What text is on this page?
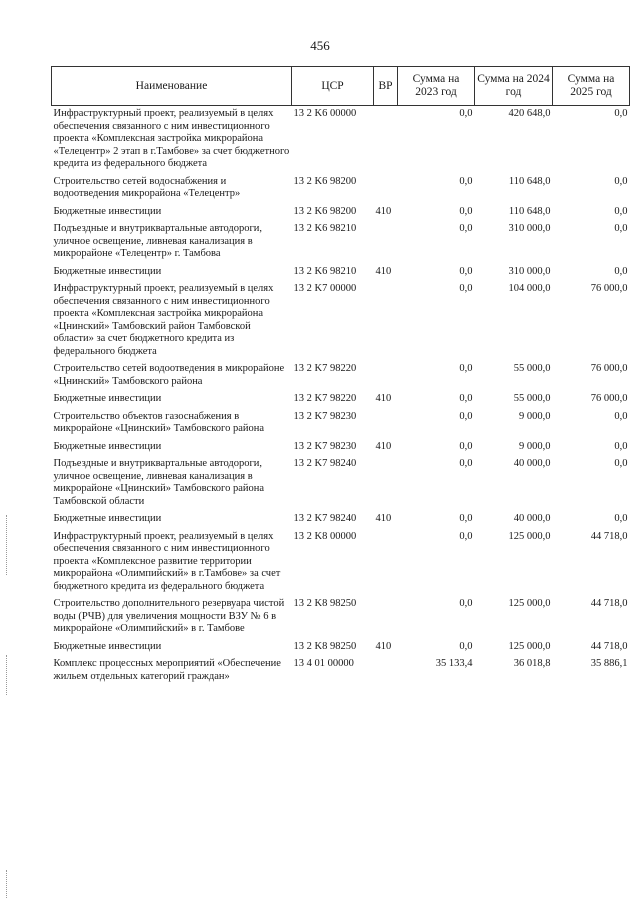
456
Наименование	ЦСР	ВР	Сумма на 2023 год	Сумма на 2024 год	Сумма на 2025 год
Инфраструктурный проект, реализуемый в целях обеспечения связанного с ним инвестиционного проекта «Комплексная застройка микрорайона «Телецентр» 2 этап в г.Тамбове» за счет бюджетного кредита из федерального бюджета	13 2 K6 00000		0,0	420 648,0	0,0
Строительство сетей водоснабжения и водоотведения микрорайона «Телецентр»	13 2 K6 98200		0,0	110 648,0	0,0
Бюджетные инвестиции	13 2 K6 98200	410	0,0	110 648,0	0,0
Подъездные и внутриквартальные автодороги, уличное освещение, ливневая канализация в микрорайоне «Телецентр» г. Тамбова	13 2 K6 98210		0,0	310 000,0	0,0
Бюджетные инвестиции	13 2 K6 98210	410	0,0	310 000,0	0,0
Инфраструктурный проект, реализуемый в целях обеспечения связанного с ним инвестиционного проекта «Комплексная застройка микрорайона «Цнинский» Тамбовский район Тамбовской области» за счет бюджетного кредита из федерального бюджета	13 2 K7 00000		0,0	104 000,0	76 000,0
Строительство сетей водоотведения в микрорайоне «Цнинский» Тамбовского района	13 2 K7 98220		0,0	55 000,0	76 000,0
Бюджетные инвестиции	13 2 K7 98220	410	0,0	55 000,0	76 000,0
Строительство объектов газоснабжения в микрорайоне «Цнинский» Тамбовского района	13 2 K7 98230		0,0	9 000,0	0,0
Бюджетные инвестиции	13 2 K7 98230	410	0,0	9 000,0	0,0
Подъездные и внутриквартальные автодороги, уличное освещение, ливневая канализация в микрорайоне «Цнинский» Тамбовского района Тамбовской области	13 2 K7 98240		0,0	40 000,0	0,0
Бюджетные инвестиции	13 2 K7 98240	410	0,0	40 000,0	0,0
Инфраструктурный проект, реализуемый в целях обеспечения связанного с ним инвестиционного проекта «Комплексное развитие территории микрорайона «Олимпийский» в г.Тамбове» за счет бюджетного кредита из федерального бюджета	13 2 K8 00000		0,0	125 000,0	44 718,0
Строительство дополнительного резервуара чистой воды (РЧВ) для увеличения мощности ВЗУ № 6 в микрорайоне «Олимпийский» в г. Тамбове	13 2 K8 98250		0,0	125 000,0	44 718,0
Бюджетные инвестиции	13 2 K8 98250	410	0,0	125 000,0	44 718,0
Комплекс процессных мероприятий «Обеспечение жильем отдельных категорий граждан»	13 4 01 00000		35 133,4	36 018,8	35 886,1
